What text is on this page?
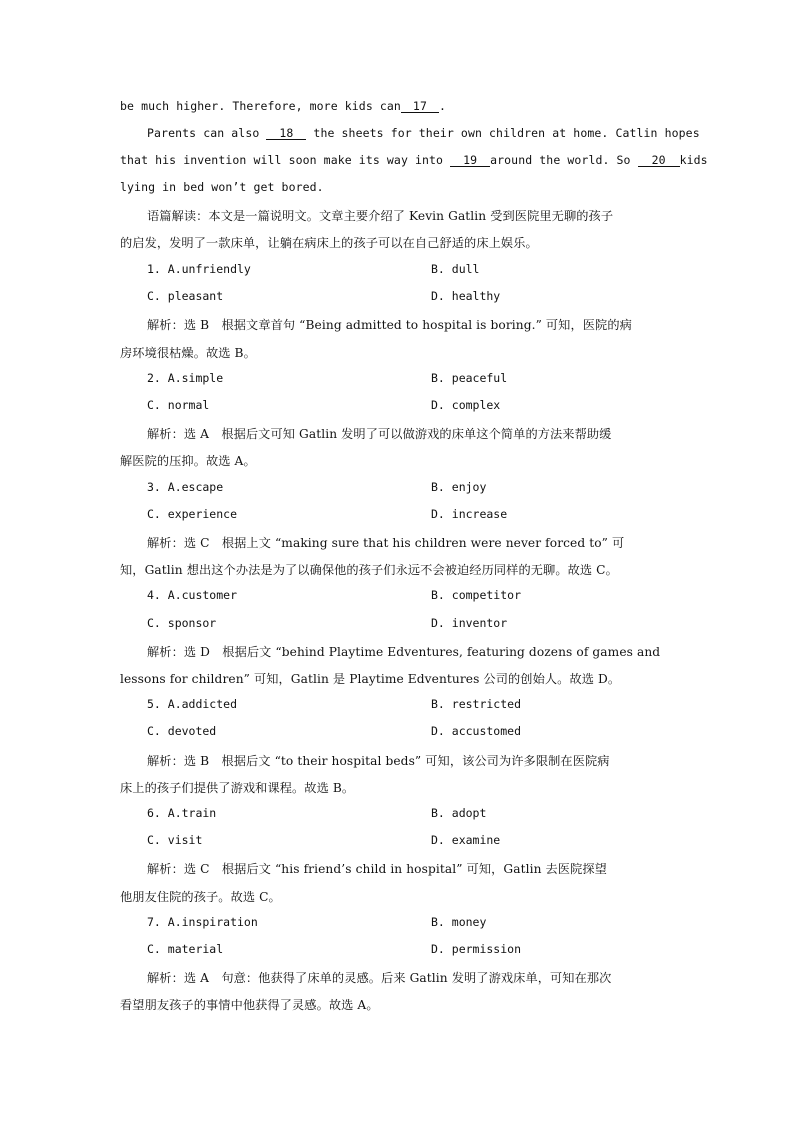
be much higher. Therefore, more kids can 17 .
Parents can also 18 the sheets for their own children at home. Catlin hopes
that his invention will soon make its way into 19 around the world. So 20 kids
lying in bed won’t get bored.
语篇解读：本文是一篇说明文。文章主要介绍了 Kevin Gatlin 受到医院里无聊的孩子
的启发，发明了一款床单，让躺在病床上的孩子可以在自己舒适的床上娱乐。
1. A.unfriendly	B. dull
C. pleasant	D. healthy
解析：选 B　根据文章首句 “Being admitted to hospital is boring.” 可知，医院的病
房环境很枯燥。故选 B。
2. A.simple	B. peaceful
C. normal	D. complex
解析：选 A　根据后文可知 Gatlin 发明了可以做游戏的床单这个简单的方法来帮助缓
解医院的压抑。故选 A。
3. A.escape	B. enjoy
C. experience	D. increase
解析：选 C　根据上文 “making sure that his children were never forced to” 可
知，Gatlin 想出这个办法是为了以确保他的孩子们永远不会被迫经历同样的无聊。故选 C。
4. A.customer	B. competitor
C. sponsor	D. inventor
解析：选 D　根据后文 “behind Playtime Edventures, featuring dozens of games and
lessons for children” 可知，Gatlin 是 Playtime Edventures 公司的创始人。故选 D。
5. A.addicted	B. restricted
C. devoted	D. accustomed
解析：选 B　根据后文 “to their hospital beds” 可知，该公司为许多限制在医院病
床上的孩子们提供了游戏和课程。故选 B。
6. A.train	B. adopt
C. visit	D. examine
解析：选 C　根据后文 “his friend’s child in hospital” 可知，Gatlin 去医院探望
他朋友住院的孩子。故选 C。
7. A.inspiration	B. money
C. material	D. permission
解析：选 A　句意：他获得了床单的灵感。后来 Gatlin 发明了游戏床单，可知在那次
看望朋友孩子的事情中他获得了灵感。故选 A。
